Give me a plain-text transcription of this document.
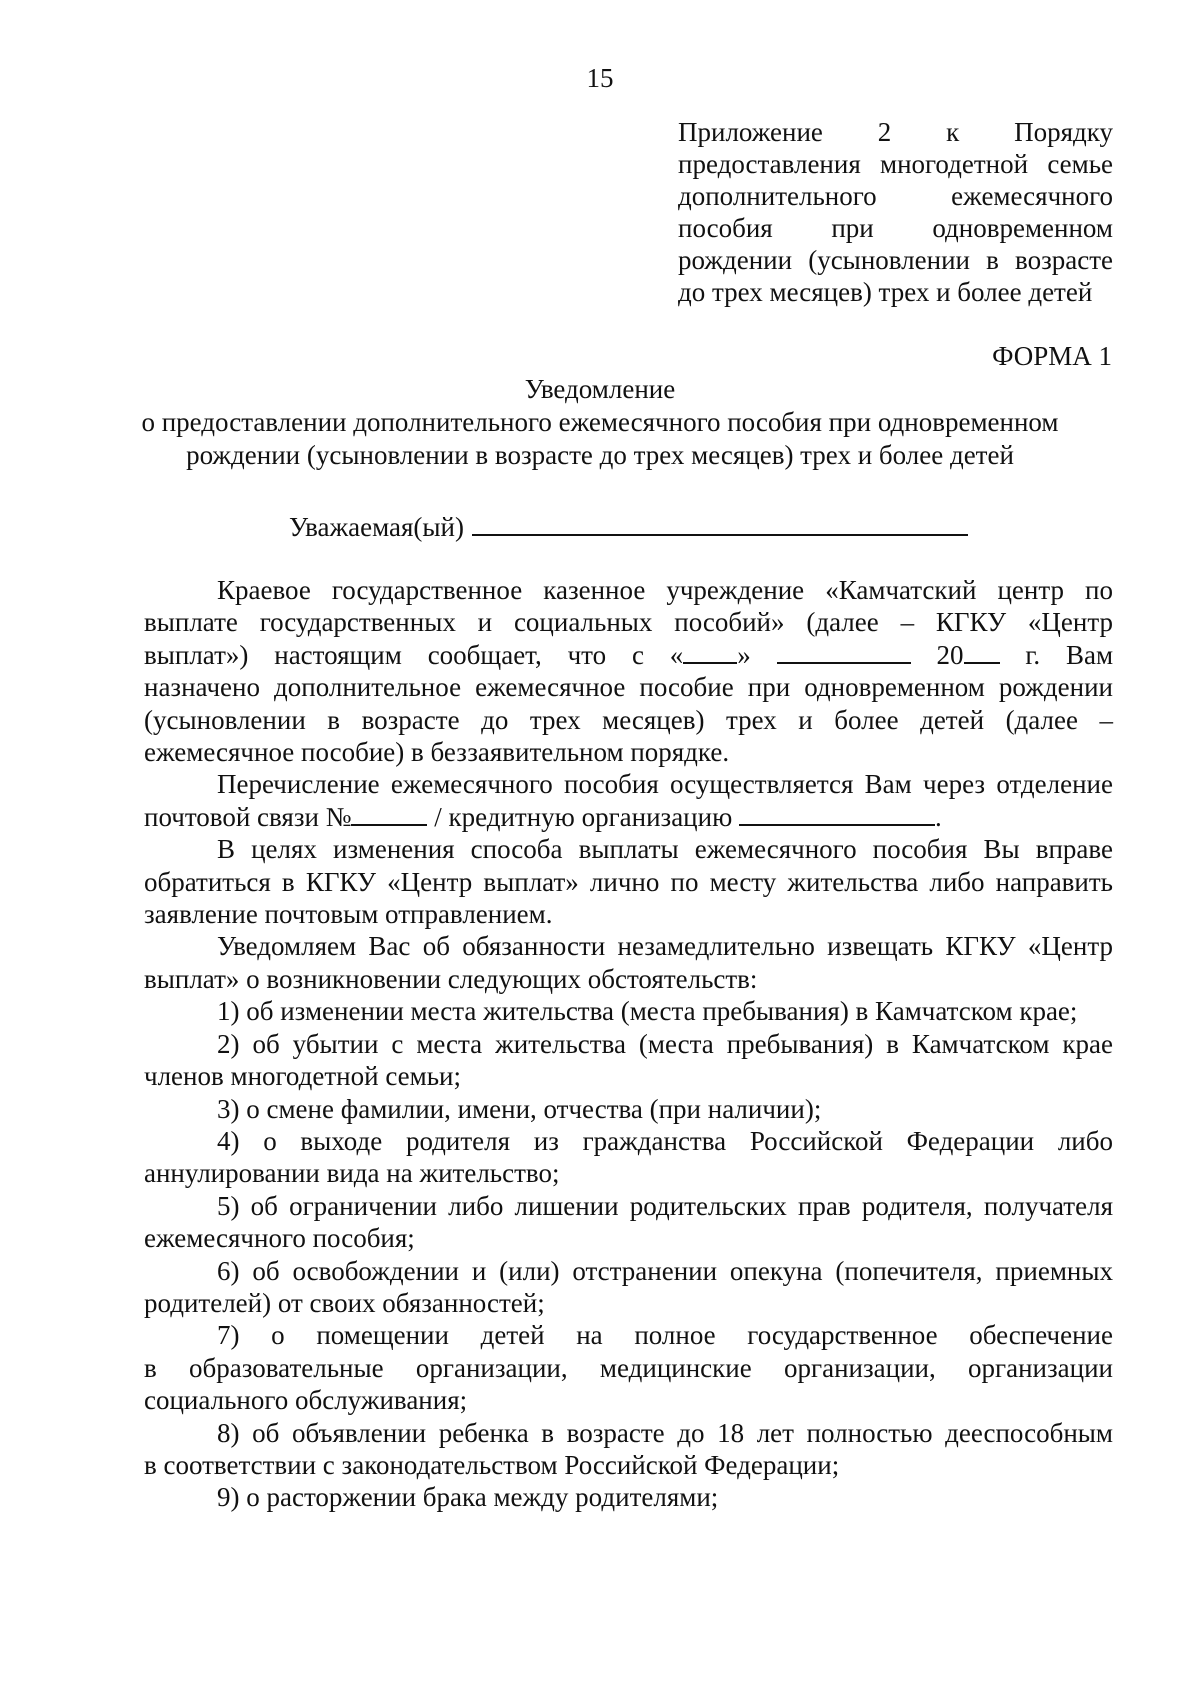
15
Приложение 2 к Порядку
предоставления многодетной семье
дополнительного ежемесячного
пособия при одновременном
рождении (усыновлении в возрасте
до трех месяцев) трех и более детей
ФОРМА 1
Уведомление
о предоставлении дополнительного ежемесячного пособия при одновременном
рождении (усыновлении в возрасте до трех месяцев) трех и более детей
Уважаемая(ый)
Краевое государственное казенное учреждение «Камчатский центр по
выплате государственных и социальных пособий» (далее – КГКУ «Центр
выплат») настоящим сообщает, что с « »	20 г. Вам
назначено дополнительное ежемесячное пособие при одновременном рождении
(усыновлении в возрасте до трех месяцев) трех и более детей (далее –
ежемесячное пособие) в беззаявительном порядке.
Перечисление ежемесячного пособия осуществляется Вам через отделение
почтовой связи №	/ кредитную организацию	.
В целях изменения способа выплаты ежемесячного пособия Вы вправе
обратиться в КГКУ «Центр выплат» лично по месту жительства либо направить
заявление почтовым отправлением.
Уведомляем Вас об обязанности незамедлительно извещать КГКУ «Центр
выплат» о возникновении следующих обстоятельств:
1) об изменении места жительства (места пребывания) в Камчатском крае;
2) об убытии с места жительства (места пребывания) в Камчатском крае
членов многодетной семьи;
3) о смене фамилии, имени, отчества (при наличии);
4) о выходе родителя из гражданства Российской Федерации либо
аннулировании вида на жительство;
5) об ограничении либо лишении родительских прав родителя, получателя
ежемесячного пособия;
6) об освобождении и (или) отстранении опекуна (попечителя, приемных
родителей) от своих обязанностей;
7) о помещении детей на полное государственное обеспечение
в образовательные организации, медицинские организации, организации
социального обслуживания;
8) об объявлении ребенка в возрасте до 18 лет полностью дееспособным
в соответствии с законодательством Российской Федерации;
9) о расторжении брака между родителями;
